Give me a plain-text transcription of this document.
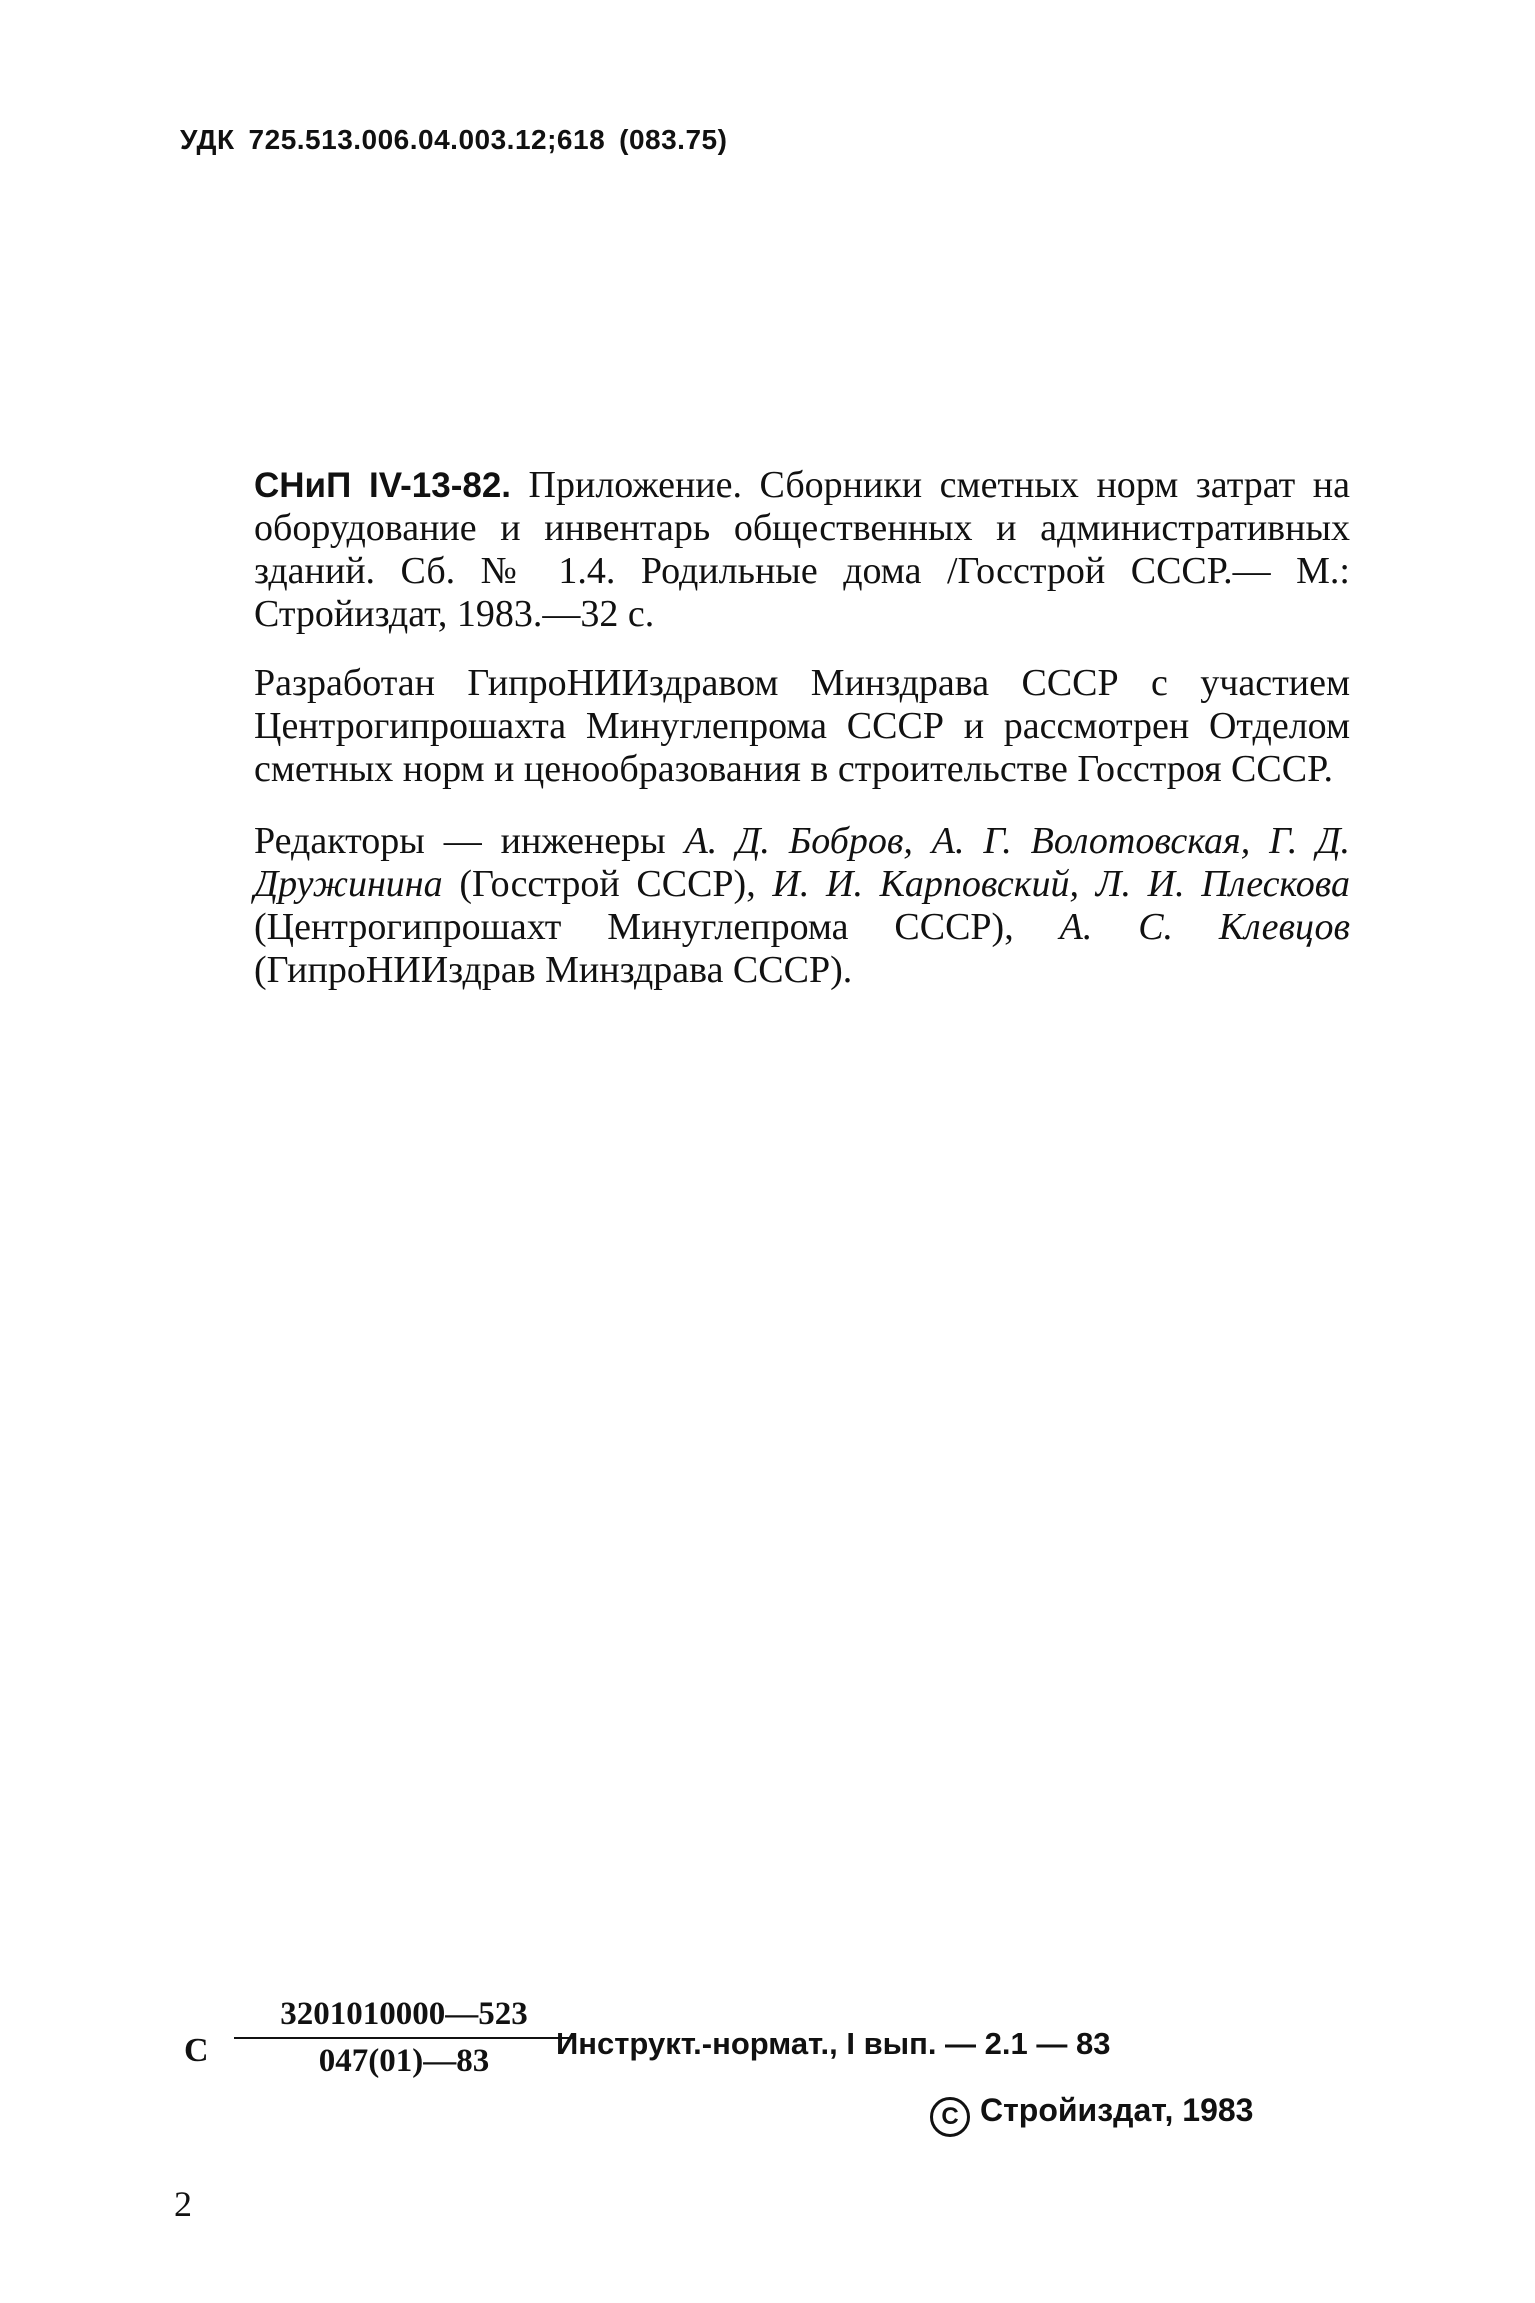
УДК 725.513.006.04.003.12;618 (083.75)

СНиП IV-13-82. Приложение. Сборники сметных норм затрат на оборудование и инвентарь общественных и административных зданий. Сб. № 1.4. Родильные дома /Госстрой СССР.— М.: Стройиздат, 1983.—32 с.

Разработан ГипроНИИздравом Минздрава СССР с участием Центрогипрошахта Минуглепрома СССР и рассмотрен Отделом сметных норм и ценообразования в строительстве Госстроя СССР.

Редакторы — инженеры А. Д. Бобров, А. Г. Волотовская, Г. Д. Дружинина (Госстрой СССР), И. И. Карповский, Л. И. Плескова (Центрогипрошахт Минуглепрома СССР), А. С. Клевцов (ГипроНИИздрав Минздрава СССР).

С $\frac{3201010000—523}{047(01)—83}$
Инструкт.-нормат., I вып. — 2.1 — 83
C Стройиздат, 1983
2
